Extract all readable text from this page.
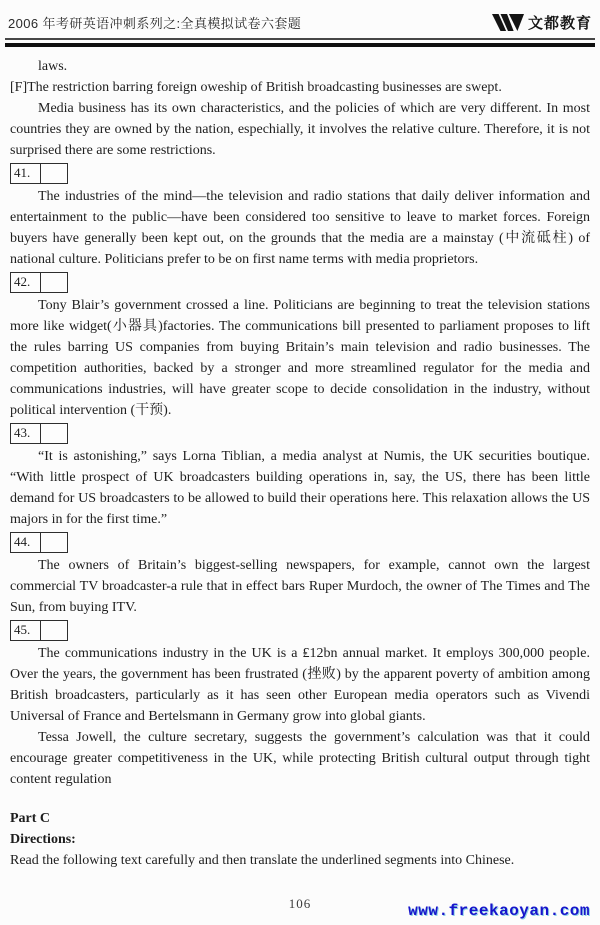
2006 年考研英语冲刺系列之:全真模拟试卷六套题	文都教育
laws.
[F]The restriction barring foreign oweship of British broadcasting businesses are swept.
Media business has its own characteristics, and the policies of which are very different. In most countries they are owned by the nation, espechially, it involves the relative culture. Therefore, it is not surprised there are some restrictions.
41.
The industries of the mind—the television and radio stations that daily deliver information and entertainment to the public—have been considered too sensitive to leave to market forces. Foreign buyers have generally been kept out, on the grounds that the media are a mainstay (中流砥柱) of national culture. Politicians prefer to be on first name terms with media proprietors.
42.
Tony Blair’s government crossed a line. Politicians are beginning to treat the television stations more like widget(小器具)factories. The communications bill presented to parliament proposes to lift the rules barring US companies from buying Britain’s main television and radio businesses. The competition authorities, backed by a stronger and more streamlined regulator for the media and communications industries, will have greater scope to decide consolidation in the industry, without political intervention (干预).
43.
“It is astonishing,” says Lorna Tiblian, a media analyst at Numis, the UK securities boutique. “With little prospect of UK broadcasters building operations in, say, the US, there has been little demand for US broadcasters to be allowed to build their operations here. This relaxation allows the US majors in for the first time.”
44.
The owners of Britain’s biggest-selling newspapers, for example, cannot own the largest commercial TV broadcaster-a rule that in effect bars Ruper Murdoch, the owner of The Times and The Sun, from buying ITV.
45.
The communications industry in the UK is a ₤12bn annual market. It employs 300,000 people. Over the years, the government has been frustrated (挫败) by the apparent poverty of ambition among British broadcasters, particularly as it has seen other European media operators such as Vivendi Universal of France and Bertelsmann in Germany grow into global giants.
Tessa Jowell, the culture secretary, suggests the government’s calculation was that it could encourage greater competitiveness in the UK, while protecting British cultural output through tight content regulation
Part C
Directions:
Read the following text carefully and then translate the underlined segments into Chinese.
106	www.freekaoyan.com
